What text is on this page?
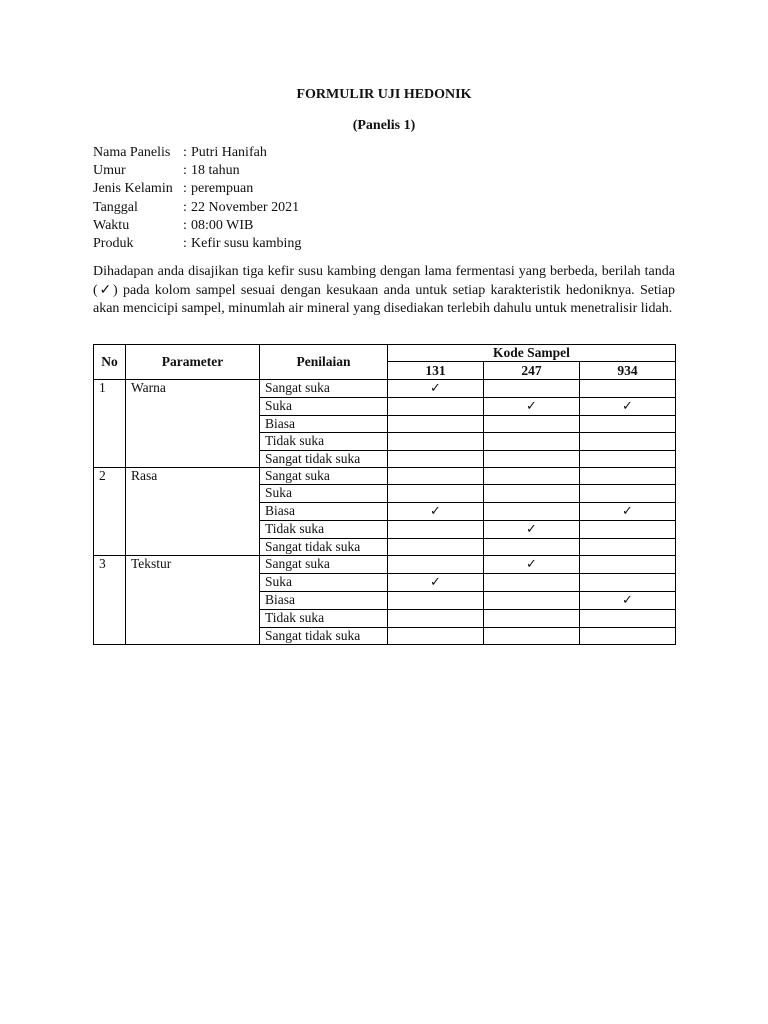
FORMULIR UJI HEDONIK

(Panelis 1)

Nama Panelis : Putri Hanifah
Umur	: 18 tahun
Jenis Kelamin : perempuan
Tanggal	: 22 November 2021
Waktu	: 08:00 WIB
Produk	: Kefir susu kambing

Dihadapan anda disajikan tiga kefir susu kambing dengan lama fermentasi yang berbeda, berilah tanda (✓) pada kolom sampel sesuai dengan kesukaan anda untuk setiap karakteristik hedoniknya. Setiap akan mencicipi sampel, minumlah air mineral yang disediakan terlebih dahulu untuk menetralisir lidah.

No	Parameter	Penilaian	Kode Sampel		
			131	247	934
1	Warna	Sangat suka	✓		
		Suka		✓	✓
		Biasa			
		Tidak suka			
		Sangat tidak suka			
2	Rasa	Sangat suka			
		Suka			
		Biasa	✓		✓
		Tidak suka		✓	
		Sangat tidak suka			
3	Tekstur	Sangat suka		✓	
		Suka	✓		
		Biasa			✓
		Tidak suka			
		Sangat tidak suka			
